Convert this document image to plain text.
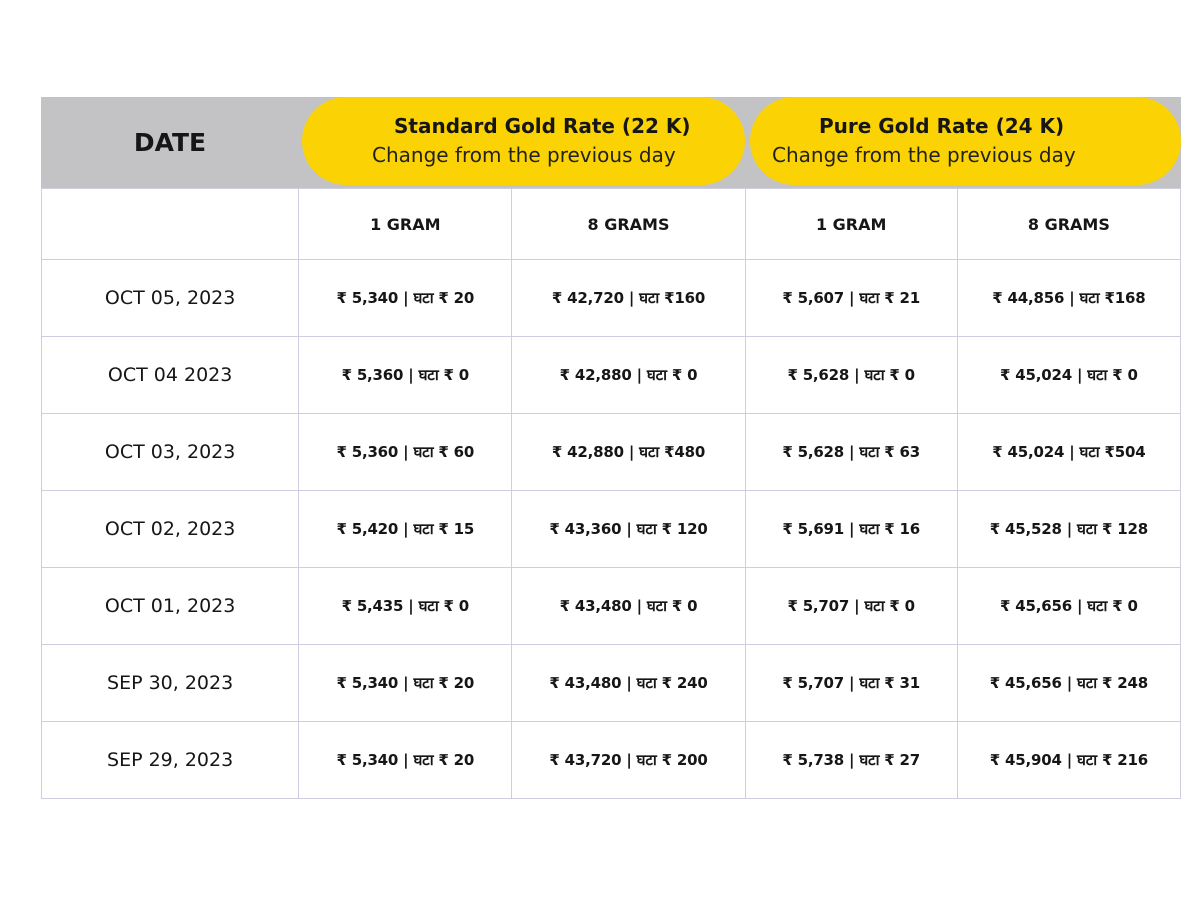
DATE
Standard Gold Rate (22 K)
Change from the previous day
Pure Gold Rate (24 K)
Change from the previous day
	1 GRAM	8 GRAMS	1 GRAM	8 GRAMS
OCT 05, 2023	₹ 5,340 | घटा ₹ 20	₹ 42,720 | घटा ₹160	₹ 5,607 | घटा ₹ 21	₹ 44,856 | घटा ₹168
OCT 04 2023	₹ 5,360 | घटा ₹ 0	₹ 42,880 | घटा ₹ 0	₹ 5,628 | घटा ₹ 0	₹ 45,024 | घटा ₹ 0
OCT 03, 2023	₹ 5,360 | घटा ₹ 60	₹ 42,880 | घटा ₹480	₹ 5,628 | घटा ₹ 63	₹ 45,024 | घटा ₹504
OCT 02, 2023	₹ 5,420 | घटा ₹ 15	₹ 43,360 | घटा ₹ 120	₹ 5,691 | घटा ₹ 16	₹ 45,528 | घटा ₹ 128
OCT 01, 2023	₹ 5,435 | घटा ₹ 0	₹ 43,480 | घटा ₹ 0	₹ 5,707 | घटा ₹ 0	₹ 45,656 | घटा ₹ 0
SEP 30, 2023	₹ 5,340 | घटा ₹ 20	₹ 43,480 | घटा ₹ 240	₹ 5,707 | घटा ₹ 31	₹ 45,656 | घटा ₹ 248
SEP 29, 2023	₹ 5,340 | घटा ₹ 20	₹ 43,720 | घटा ₹ 200	₹ 5,738 | घटा ₹ 27	₹ 45,904 | घटा ₹ 216
